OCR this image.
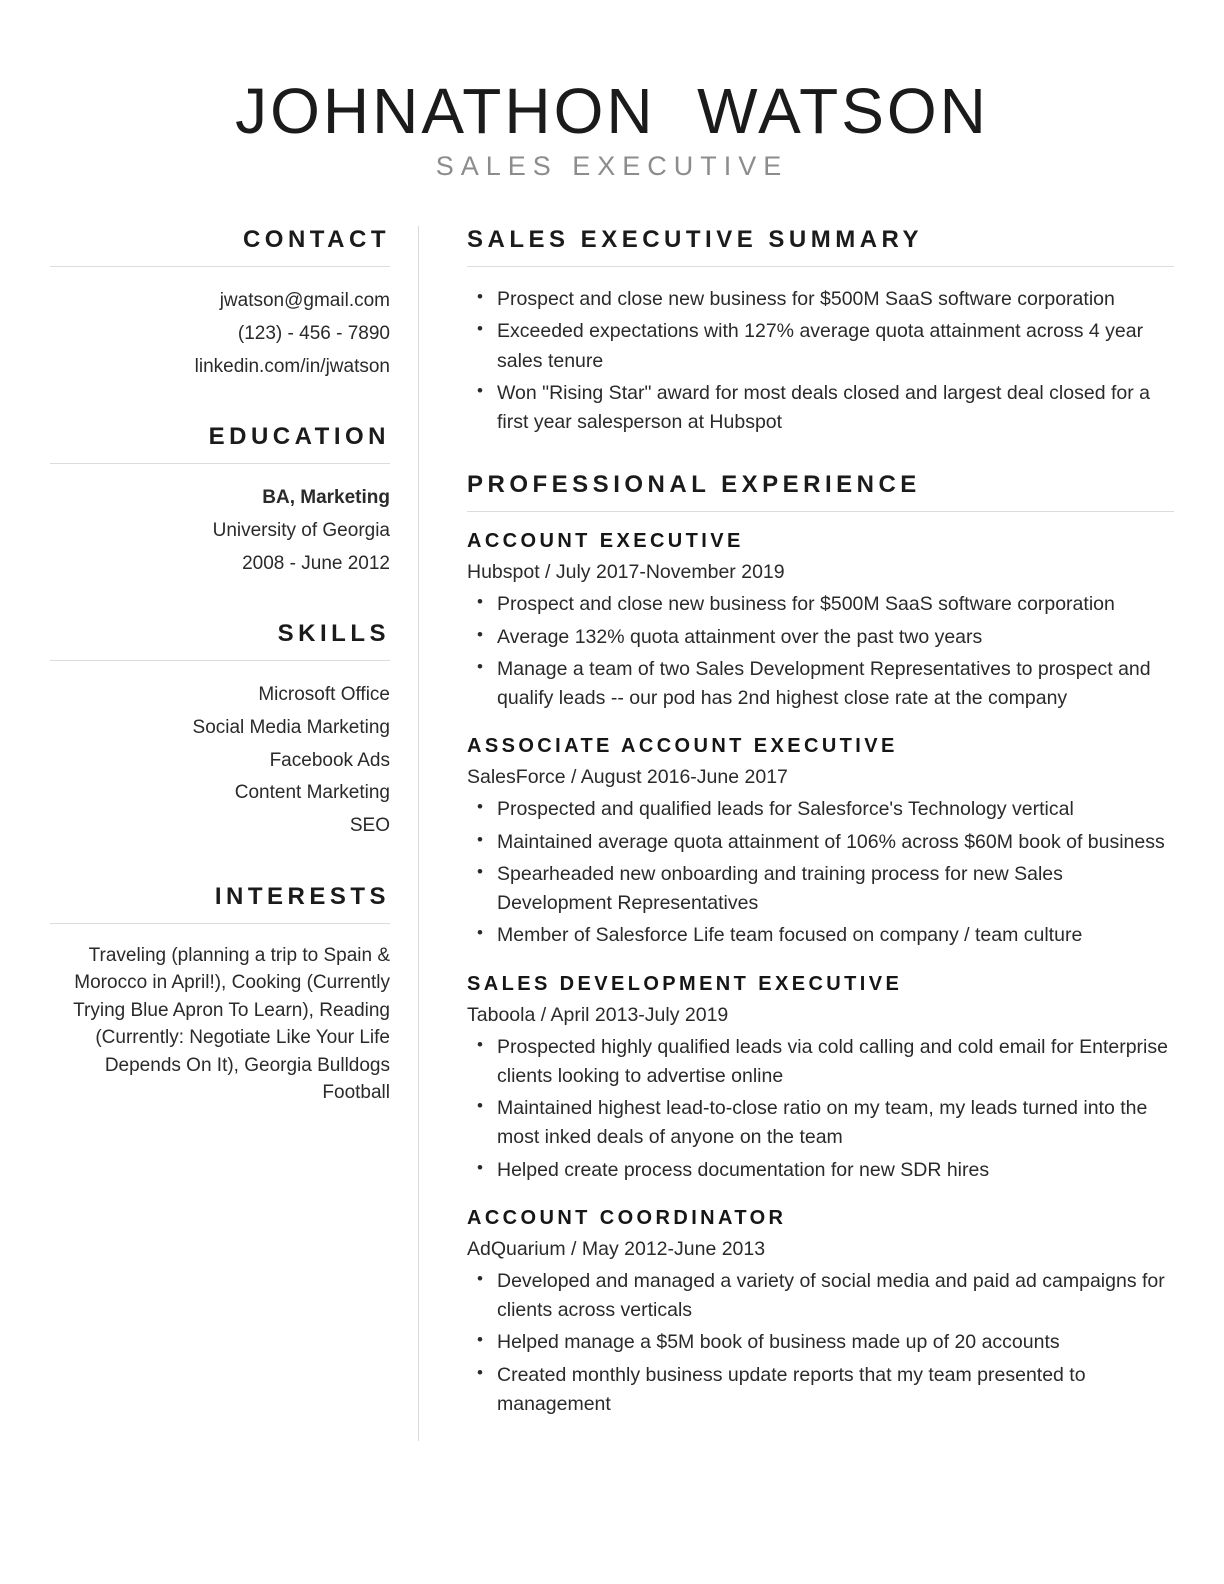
JOHNATHON  WATSON
SALES EXECUTIVE
CONTACT
jwatson@gmail.com
(123) - 456 - 7890
linkedin.com/in/jwatson
EDUCATION
BA, Marketing
University of Georgia
2008 - June 2012
SKILLS
Microsoft Office
Social Media Marketing
Facebook Ads
Content Marketing
SEO
INTERESTS
Traveling (planning a trip to Spain & Morocco in April!), Cooking (Currently Trying Blue Apron To Learn), Reading (Currently: Negotiate Like Your Life Depends On It), Georgia Bulldogs Football
SALES EXECUTIVE SUMMARY
• Prospect and close new business for $500M SaaS software corporation
• Exceeded expectations with 127% average quota attainment across 4 year sales tenure
• Won "Rising Star" award for most deals closed and largest deal closed for a first year salesperson at Hubspot
PROFESSIONAL EXPERIENCE
ACCOUNT EXECUTIVE
Hubspot / July 2017-November 2019
• Prospect and close new business for $500M SaaS software corporation
• Average 132% quota attainment over the past two years
• Manage a team of two Sales Development Representatives to prospect and qualify leads -- our pod has 2nd highest close rate at the company
ASSOCIATE ACCOUNT EXECUTIVE
SalesForce / August 2016-June 2017
• Prospected and qualified leads for Salesforce's Technology vertical
• Maintained average quota attainment of 106% across $60M book of business
• Spearheaded new onboarding and training process for new Sales Development Representatives
• Member of Salesforce Life team focused on company / team culture
SALES DEVELOPMENT EXECUTIVE
Taboola / April 2013-July 2019
• Prospected highly qualified leads via cold calling and cold email for Enterprise clients looking to advertise online
• Maintained highest lead-to-close ratio on my team, my leads turned into the most inked deals of anyone on the team
• Helped create process documentation for new SDR hires
ACCOUNT COORDINATOR
AdQuarium / May 2012-June 2013
• Developed and managed a variety of social media and paid ad campaigns for clients across verticals
• Helped manage a $5M book of business made up of 20 accounts
• Created monthly business update reports that my team presented to management
